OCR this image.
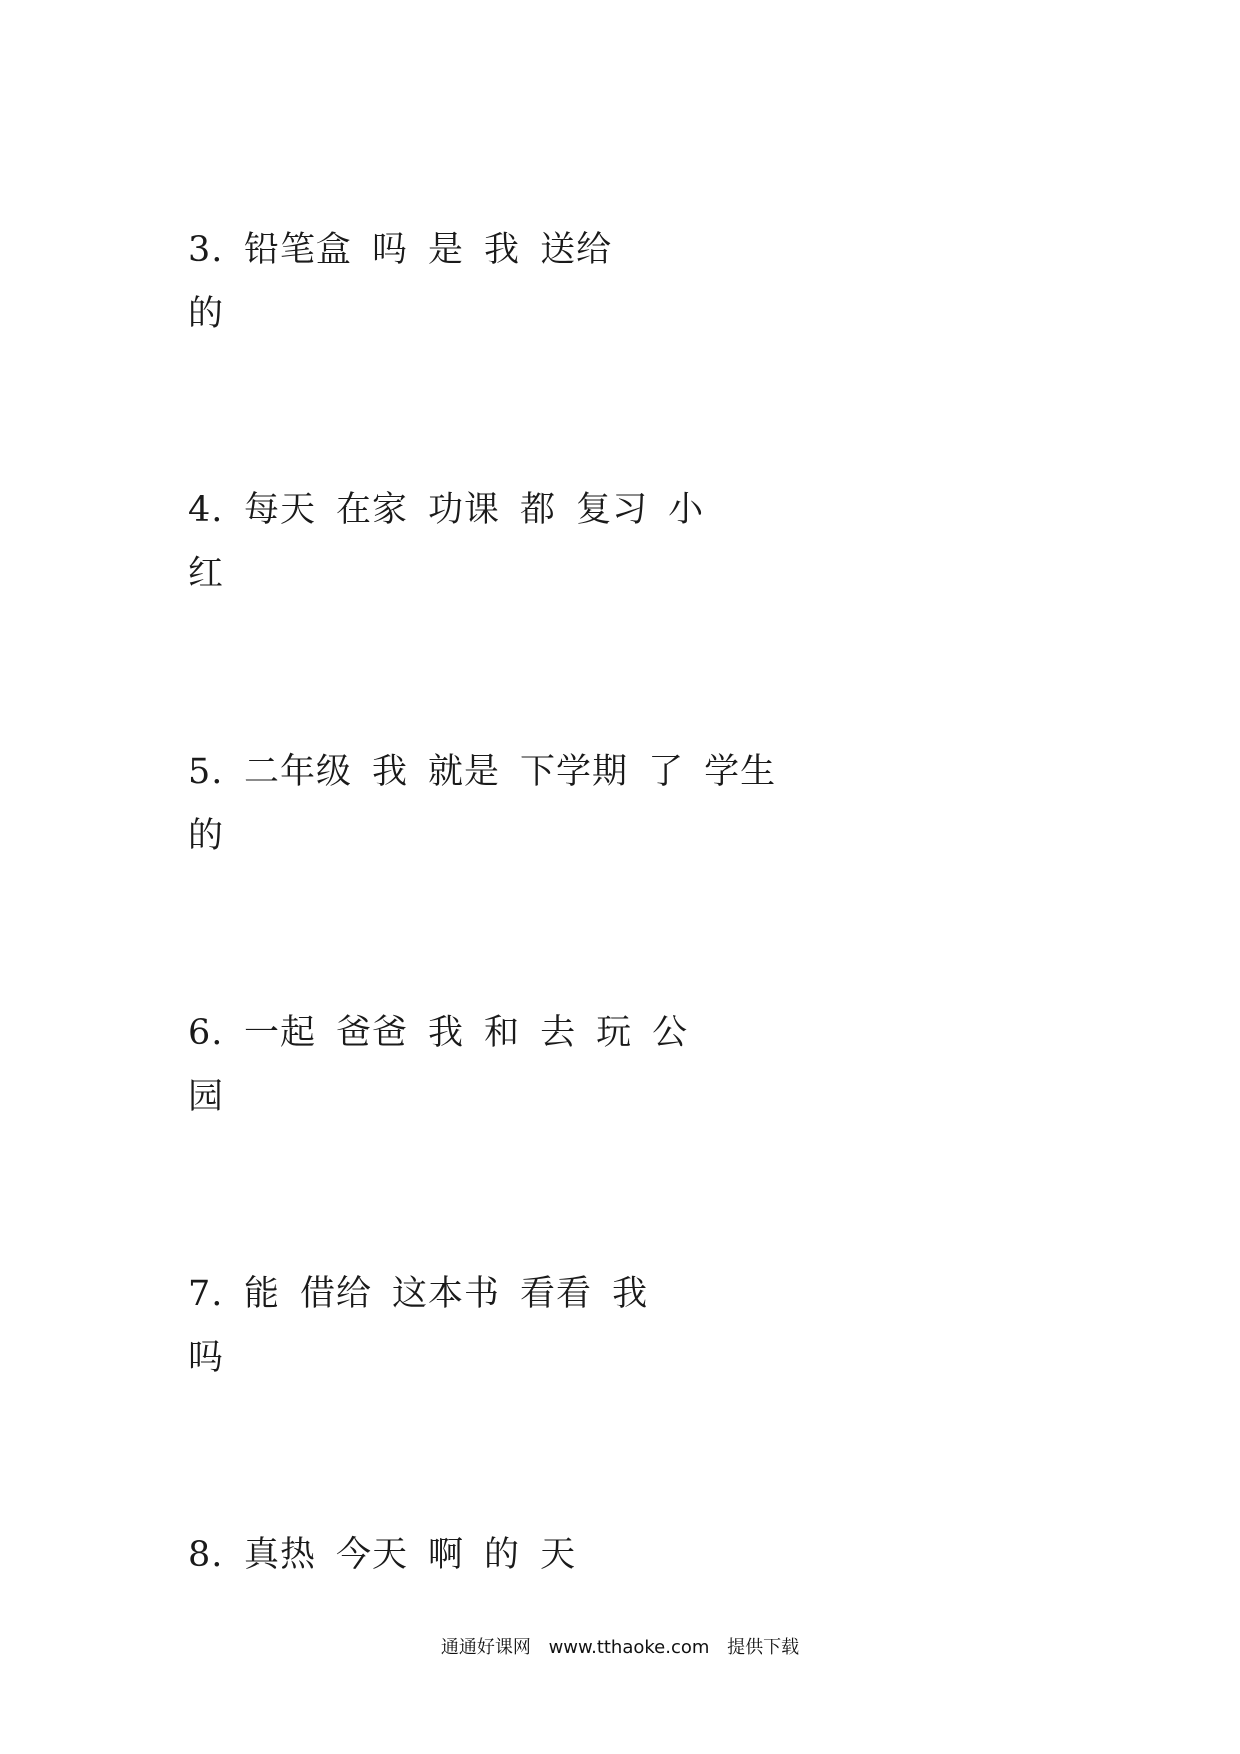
3. 铅笔盒 吗 是 我 送给
的
4. 每天 在家 功课 都 复习 小
红
5. 二年级 我 就是 下学期 了 学生
的
6. 一起 爸爸 我 和 去 玩 公
园
7. 能 借给 这本书 看看 我
吗
8. 真热 今天 啊 的 天
通通好课网 www.tthaoke.com 提供下载
